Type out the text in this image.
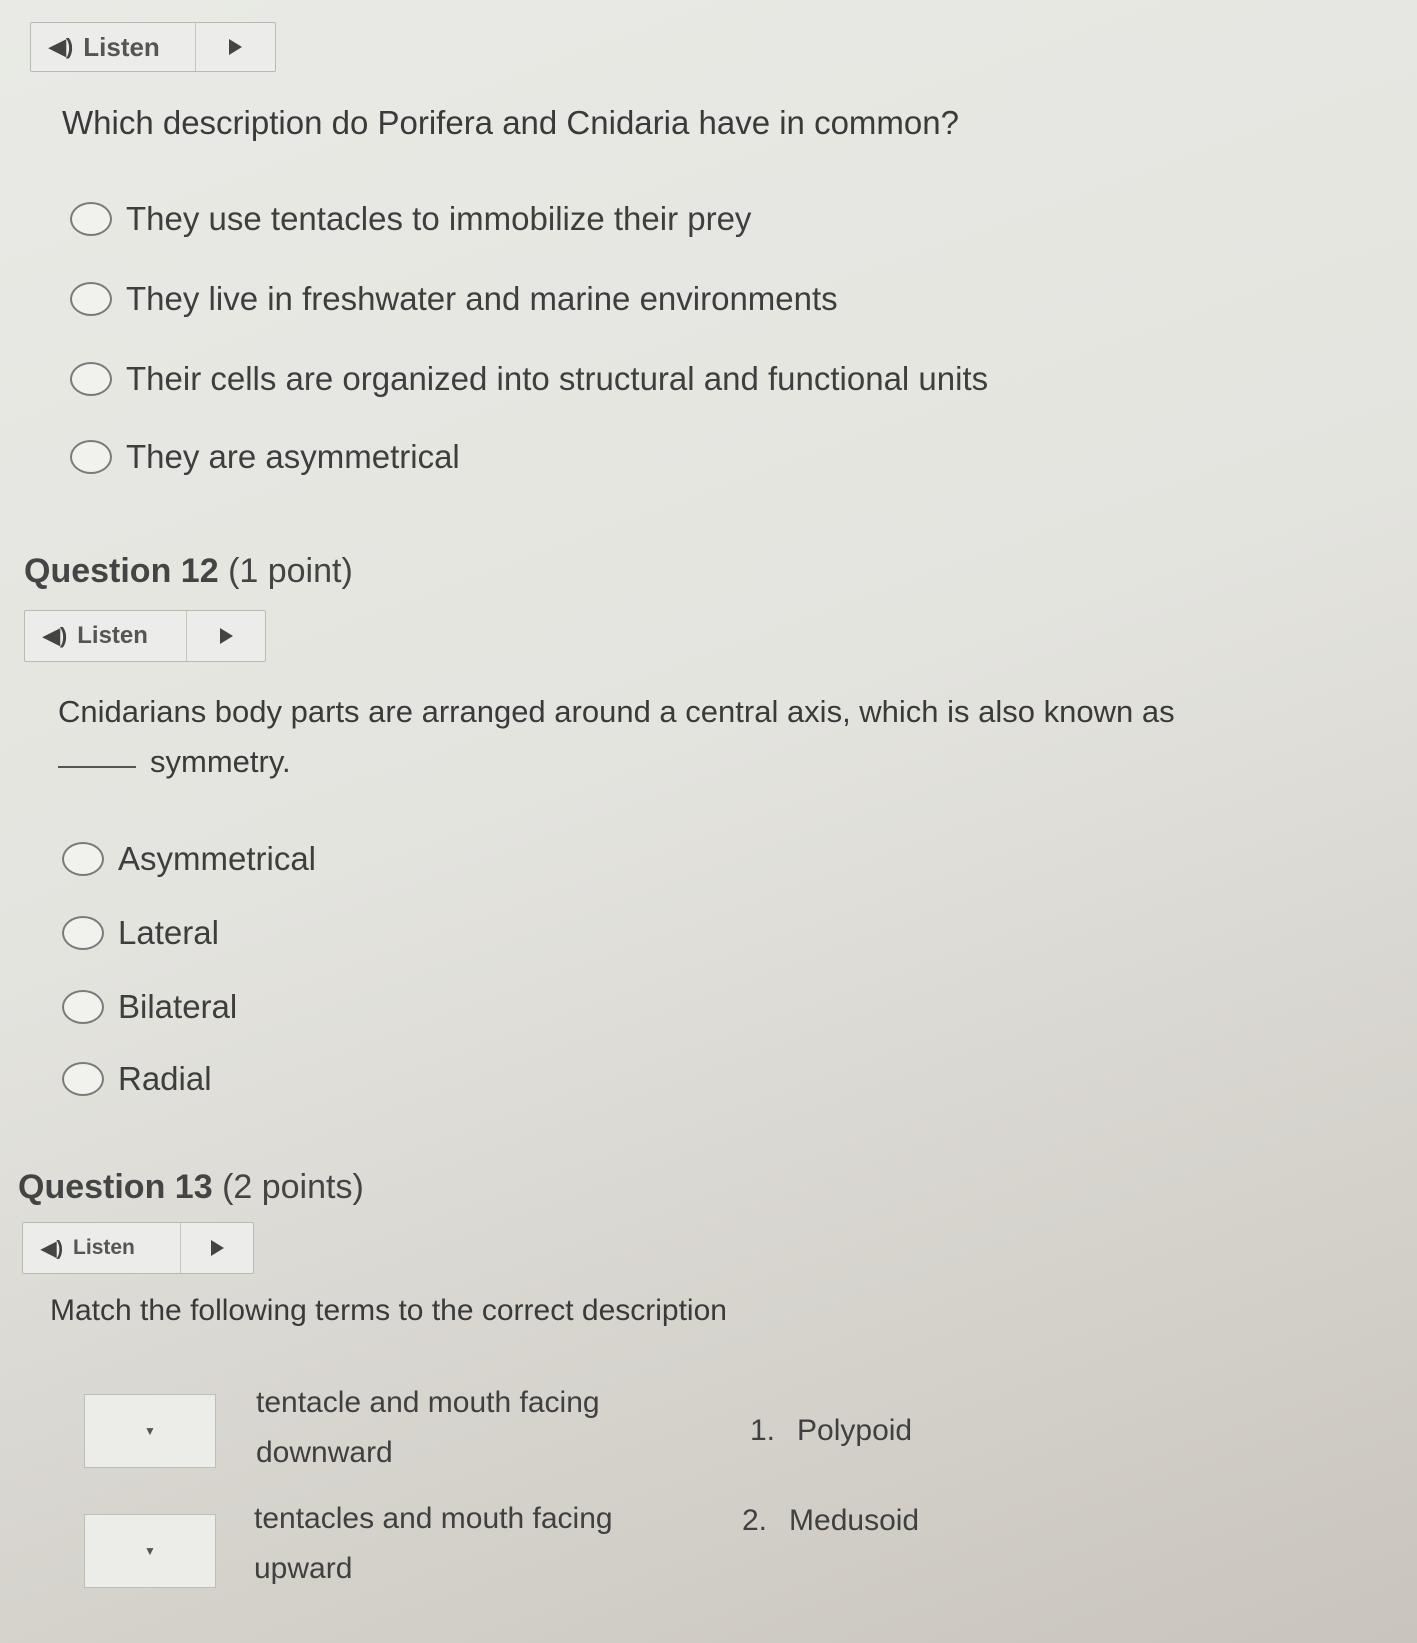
◀) Listen
Which description do Porifera and Cnidaria have in common?
They use tentacles to immobilize their prey
They live in freshwater and marine environments
Their cells are organized into structural and functional units
They are asymmetrical
Question 12 (1 point)
◀) Listen
Cnidarians body parts are arranged around a central axis, which is also known as
symmetry.
Asymmetrical
Lateral
Bilateral
Radial
Question 13 (2 points)
◀) Listen
Match the following terms to the correct description
▼
tentacle and mouth facing
downward
▼
tentacles and mouth facing
upward
1. Polypoid
2. Medusoid
